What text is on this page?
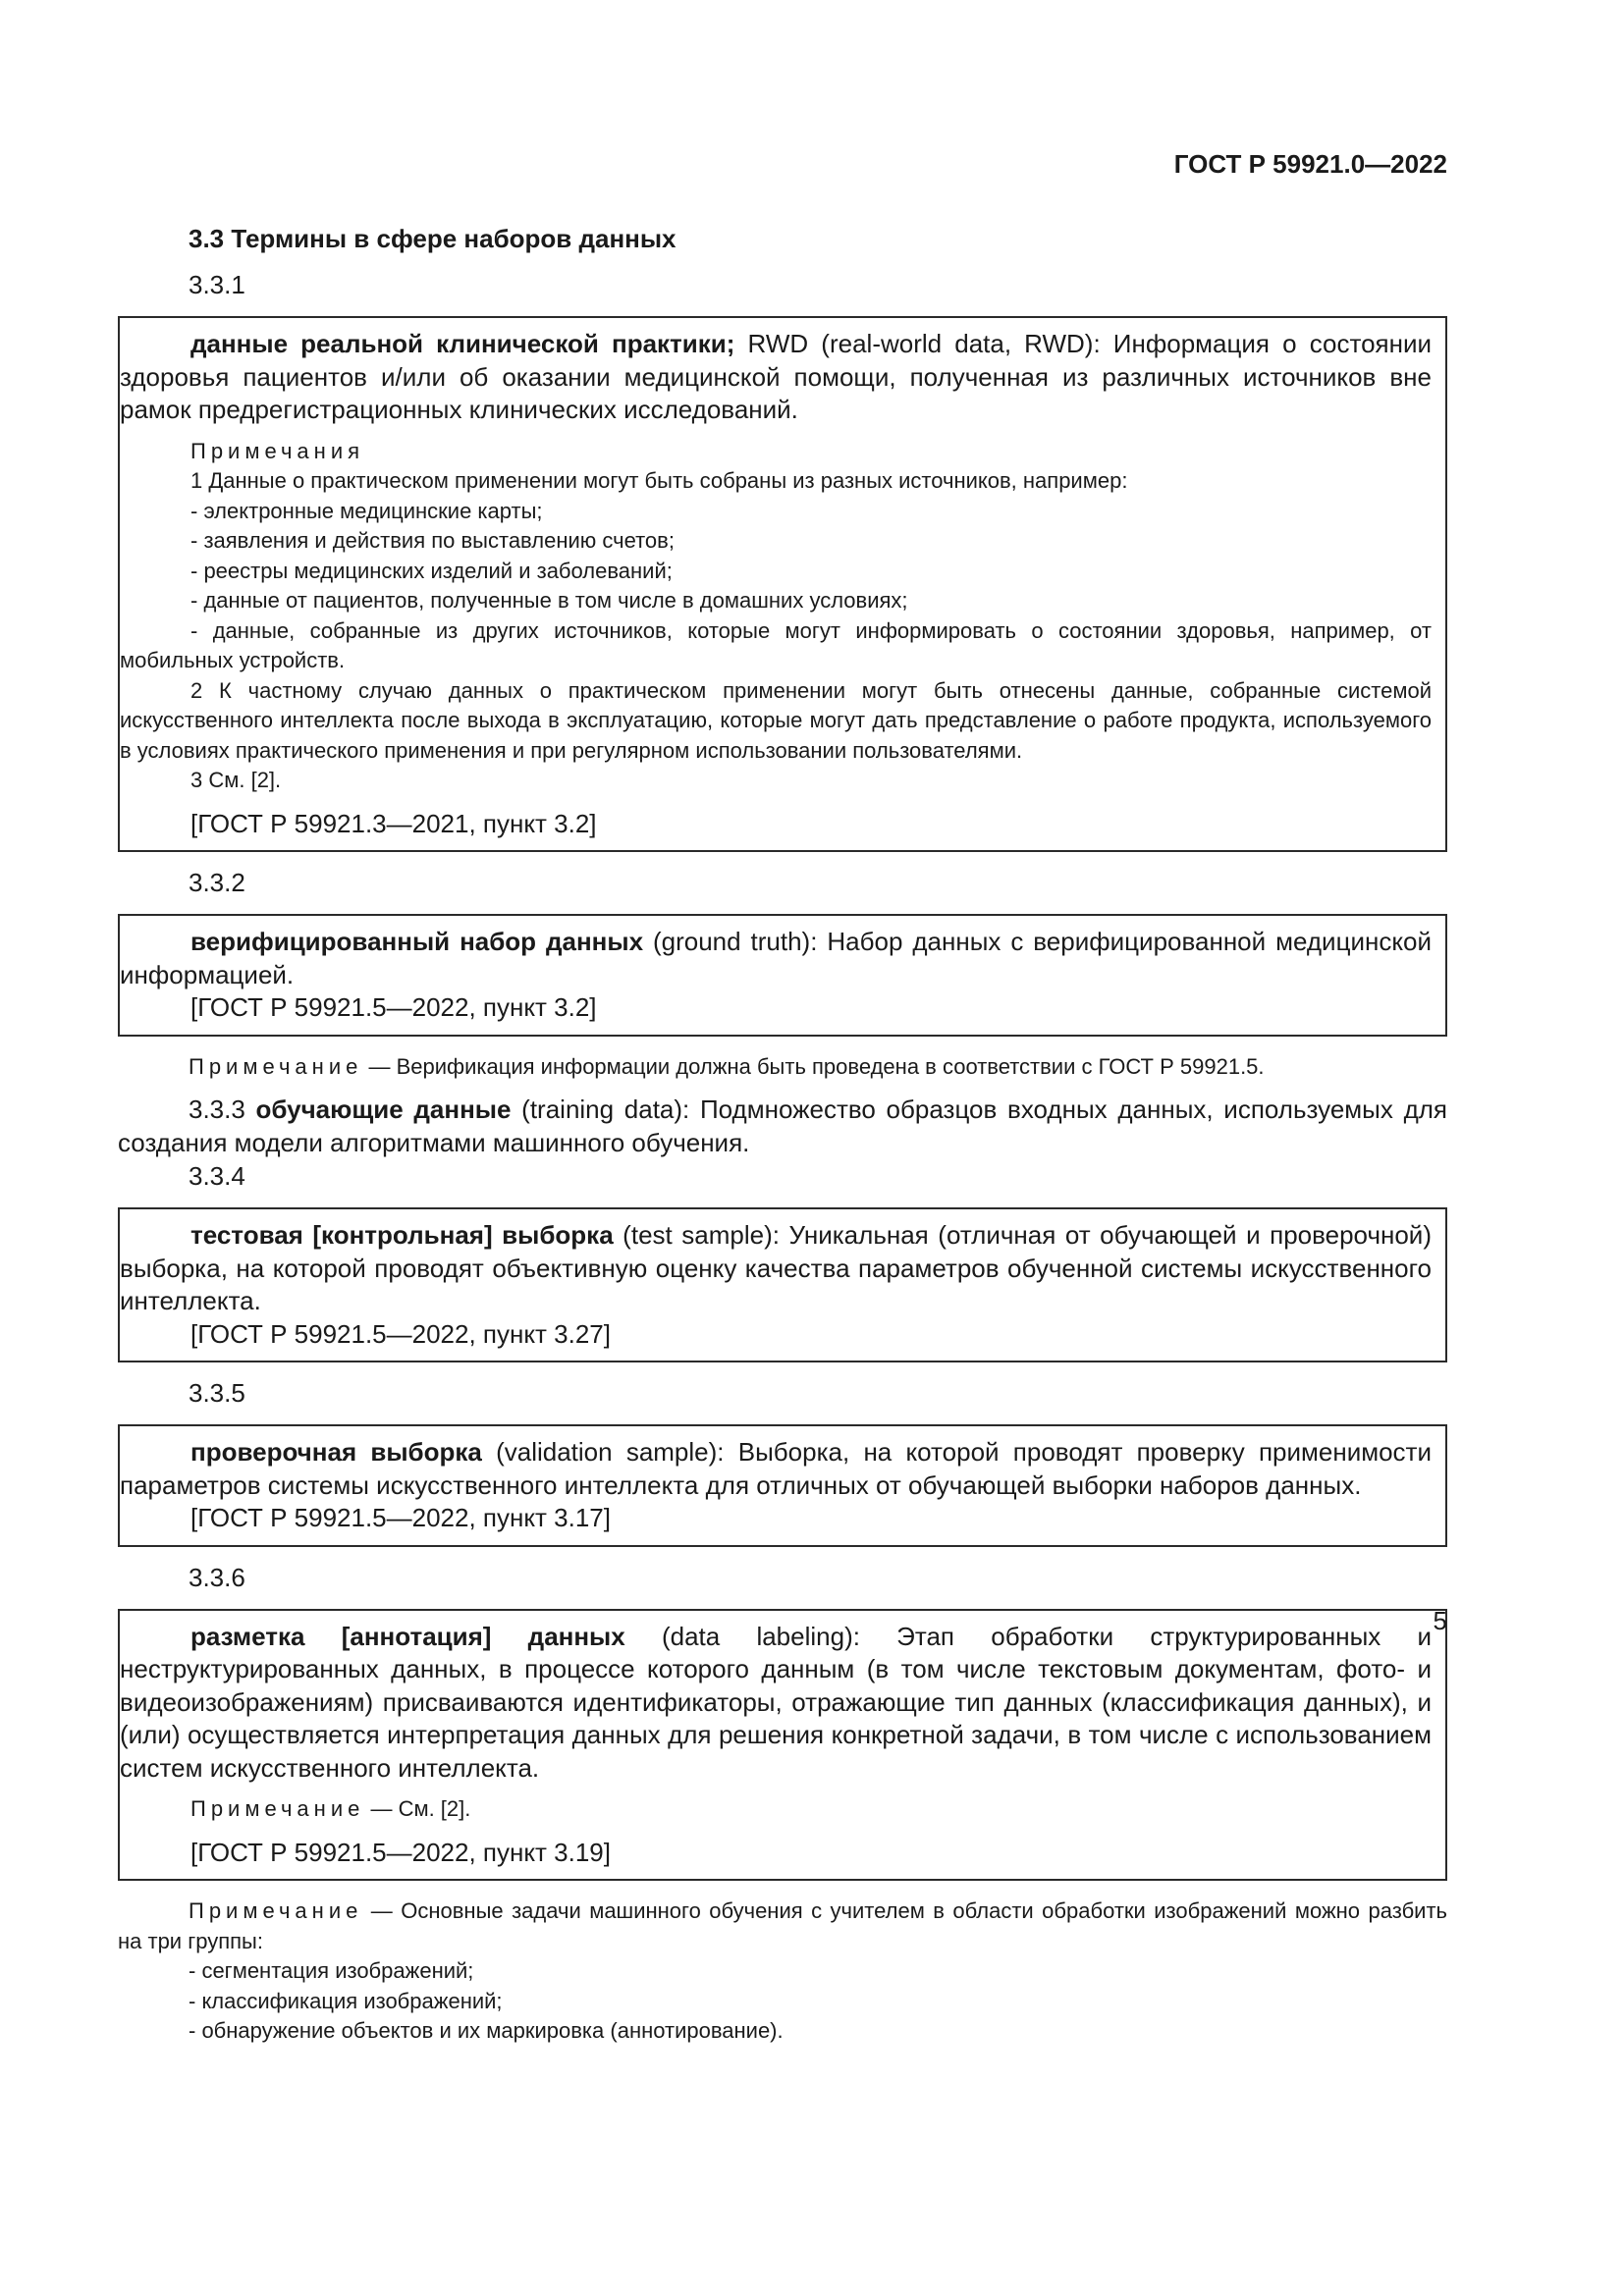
ГОСТ Р 59921.0—2022

3.3 Термины в сфере наборов данных

3.3.1

данные реальной клинической практики; RWD (real-world data, RWD): Информация о состоянии здоровья пациентов и/или об оказании медицинской помощи, полученная из различных источников вне рамок предрегистрационных клинических исследований.

Примечания
1 Данные о практическом применении могут быть собраны из разных источников, например:
- электронные медицинские карты;
- заявления и действия по выставлению счетов;
- реестры медицинских изделий и заболеваний;
- данные от пациентов, полученные в том числе в домашних условиях;
- данные, собранные из других источников, которые могут информировать о состоянии здоровья, например, от мобильных устройств.
2 К частному случаю данных о практическом применении могут быть отнесены данные, собранные системой искусственного интеллекта после выхода в эксплуатацию, которые могут дать представление о работе продукта, используемого в условиях практического применения и при регулярном использовании пользователями.
3 См. [2].
[ГОСТ Р 59921.3—2021, пункт 3.2]

3.3.2

верифицированный набор данных (ground truth): Набор данных с верифицированной медицинской информацией.

[ГОСТ Р 59921.5—2022, пункт 3.2]
Примечание — Верификация информации должна быть проведена в соответствии с ГОСТ Р 59921.5.

3.3.3 обучающие данные (training data): Подмножество образцов входных данных, используемых для создания модели алгоритмами машинного обучения.

3.3.4

тестовая [контрольная] выборка (test sample): Уникальная (отличная от обучающей и проверочной) выборка, на которой проводят объективную оценку качества параметров обученной системы искусственного интеллекта.

[ГОСТ Р 59921.5—2022, пункт 3.27]

3.3.5

проверочная выборка (validation sample): Выборка, на которой проводят проверку применимости параметров системы искусственного интеллекта для отличных от обучающей выборки наборов данных.

[ГОСТ Р 59921.5—2022, пункт 3.17]

3.3.6

разметка [аннотация] данных (data labeling): Этап обработки структурированных и неструктурированных данных, в процессе которого данным (в том числе текстовым документам, фото- и видеоизображениям) присваиваются идентификаторы, отражающие тип данных (классификация данных), и (или) осуществляется интерпретация данных для решения конкретной задачи, в том числе с использованием систем искусственного интеллекта.

Примечание — См. [2].
[ГОСТ Р 59921.5—2022, пункт 3.19]
Примечание — Основные задачи машинного обучения с учителем в области обработки изображений можно разбить на три группы:
- сегментация изображений;
- классификация изображений;
- обнаружение объектов и их маркировка (аннотирование).
5
